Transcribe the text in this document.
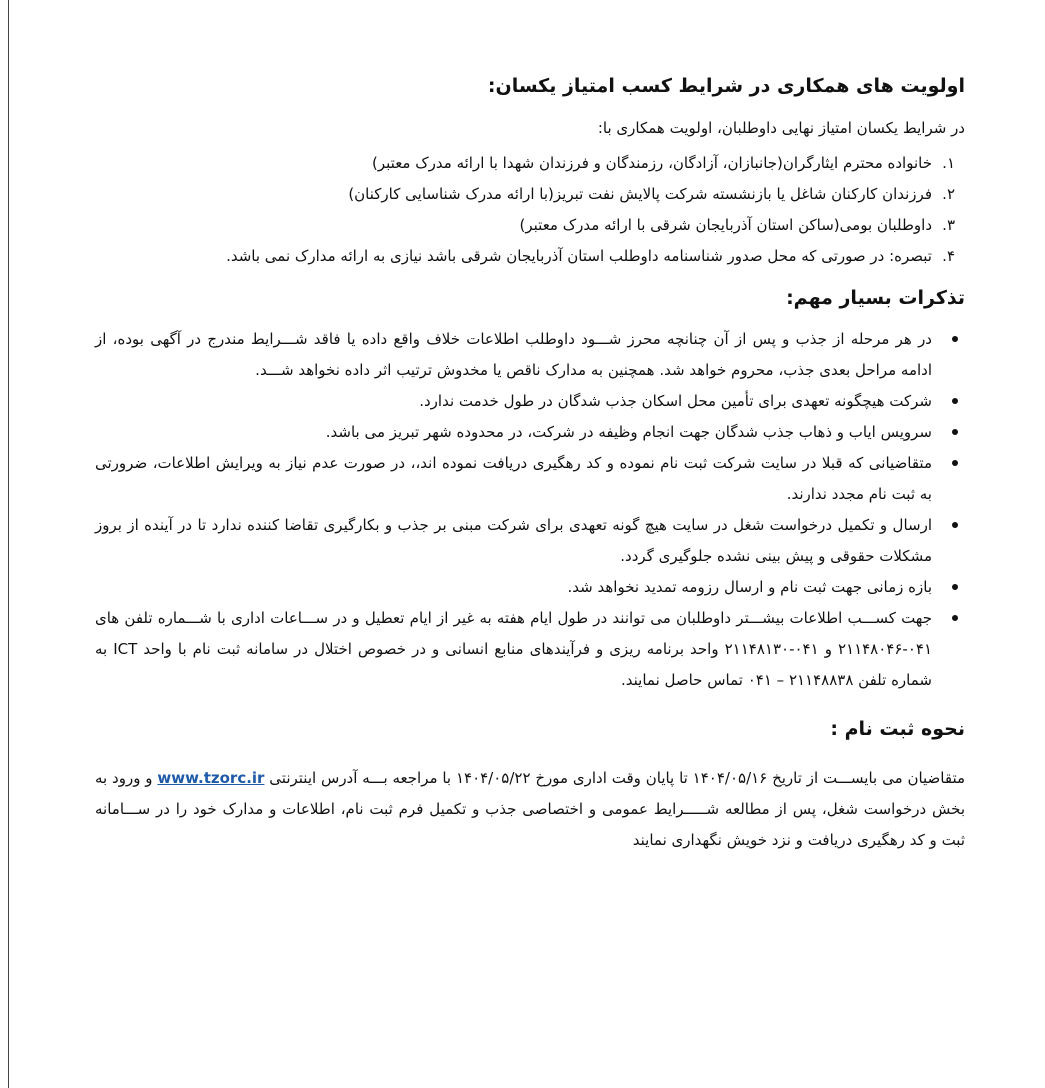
اولویت های همکاری در شرایط کسب امتیاز یکسان:
در شرایط یکسان امتیاز نهایی داوطلبان، اولویت همکاری با:
۱.
خانواده محترم ایثارگران(جانبازان، آزادگان، رزمندگان و فرزندان شهدا با ارائه مدرک معتبر)
۲.
فرزندان کارکنان شاغل یا بازنشسته شرکت پالایش نفت تبریز(با ارائه مدرک شناسایی کارکنان)
۳.
داوطلبان بومی(ساکن استان آذربایجان شرقی با ارائه مدرک معتبر)
۴.
تبصره: در صورتی که محل صدور شناسنامه داوطلب استان آذربایجان شرقی باشد نیازی به ارائه مدارک نمی باشد.
تذکرات بسیار مهم:
در هر مرحله از جذب و پس از آن چنانچه محرز شـــود داوطلب اطلاعات خلاف واقع داده یا فاقد شـــرایط مندرج در آگهی بوده، از ادامه مراحل بعدی جذب، محروم خواهد شد. همچنین به مدارک ناقص یا مخدوش ترتیب اثر داده نخواهد شـــد.
شرکت هیچگونه تعهدی برای تأمین محل اسکان جذب شدگان در طول خدمت ندارد.
سرویس ایاب و ذهاب جذب شدگان جهت انجام وظیفه در شرکت، در محدوده شهر تبریز می باشد.
متقاضیانی که قبلا در سایت شرکت ثبت نام نموده و کد رهگیری دریافت نموده اند،، در صورت عدم نیاز به ویرایش اطلاعات، ضرورتی به ثبت نام مجدد ندارند.
ارسال و تکمیل درخواست شغل در سایت هیچ گونه تعهدی برای شرکت مبنی بر جذب و بکارگیری تقاضا کننده ندارد تا در آینده از بروز مشکلات حقوقی و پیش بینی نشده جلوگیری گردد.
بازه زمانی جهت ثبت نام و ارسال رزومه تمدید نخواهد شد.
جهت کســـب اطلاعات بیشـــتر داوطلبان می توانند در طول ایام هفته به غیر از ایام تعطیل و در ســـاعات اداری با شـــماره تلفن های ۰۴۱-۲۱۱۴۸۰۴۶ و ۰۴۱-۲۱۱۴۸۱۳۰ واحد برنامه ریزی و فرآیندهای منابع انسانی و در خصوص اختلال در سامانه ثبت نام با واحد ICT به شماره تلفن ۲۱۱۴۸۸۳۸ – ۰۴۱ تماس حاصل نمایند.
نحوه ثبت نام :
متقاضیان می بایســـت از تاریخ ۱۴۰۴/۰۵/۱۶ تا پایان وقت اداری مورخ ۱۴۰۴/۰۵/۲۲ با مراجعه بـــه آدرس اینترنتی www.tzorc.ir و ورود به بخش درخواست شغل، پس از مطالعه شـــــرایط عمومی و اختصاصی جذب و تکمیل فرم ثبت نام، اطلاعات و مدارک خود را در ســـامانه ثبت و کد رهگیری دریافت و نزد خویش نگهداری نمایند
